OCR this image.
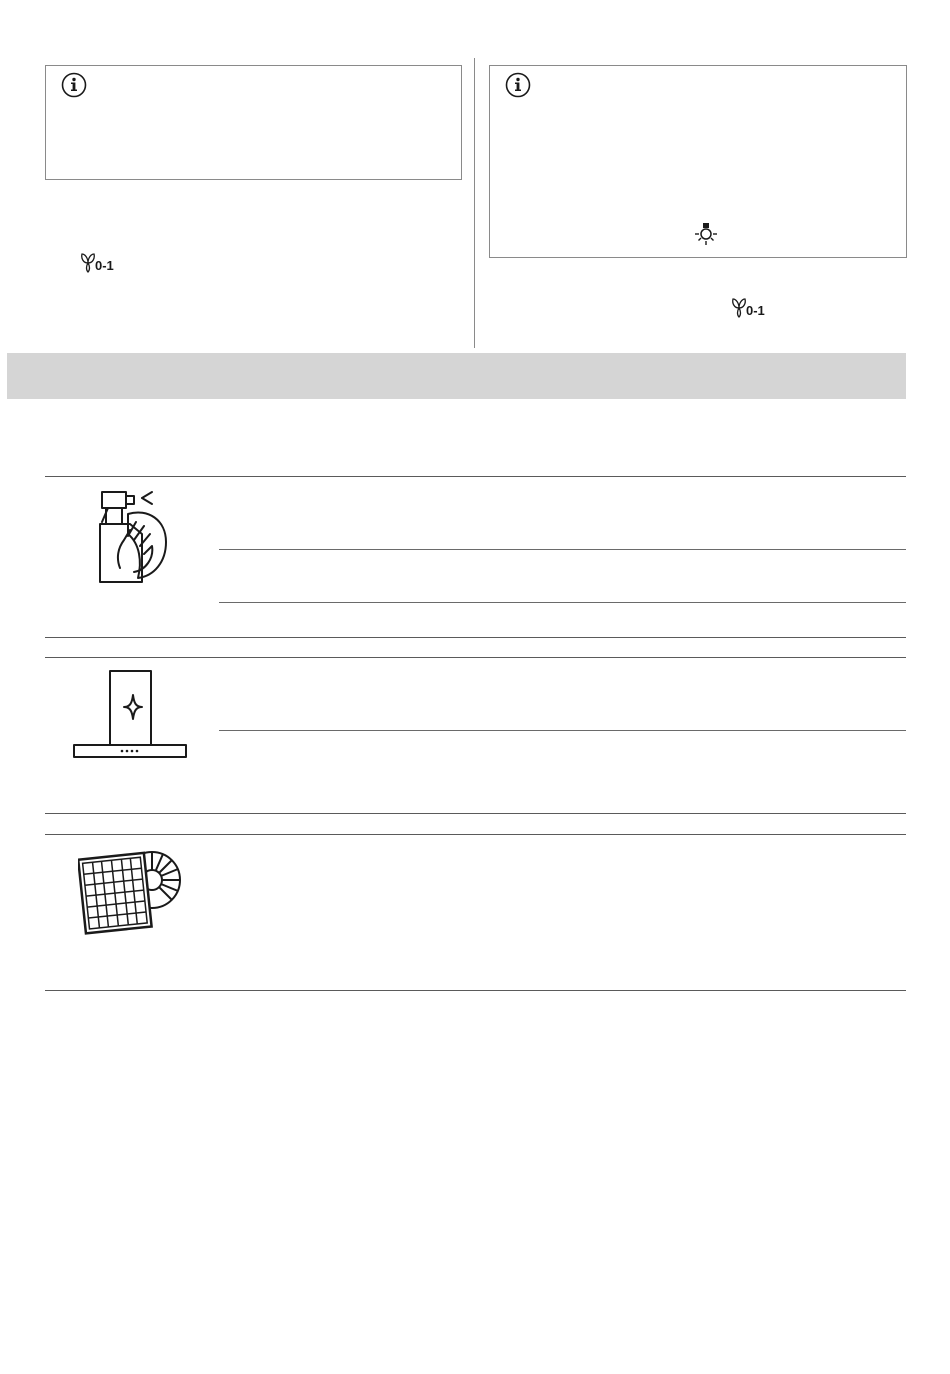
0-1
0-1
